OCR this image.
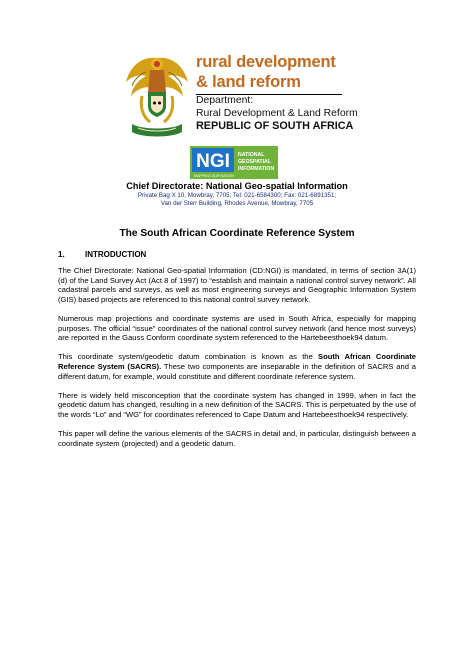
rural development
& land reform
Department:
Rural Development & Land Reform
REPUBLIC OF SOUTH AFRICA
NGI NATIONAL
GEOSPATIAL
INFORMATION
MAPPING OUR NATION
Chief Directorate: National Geo-spatial Information
Private Bag X 10, Mowbray, 7705; Tel: 021-6584300; Fax: 021-6891351;
Van der Sterr Building, Rhodes Avenue, Mowbray, 7705
The South African Coordinate Reference System
1.	INTRODUCTION

The Chief Directorate: National Geo-spatial Information (CD:NGI) is mandated, in terms of section 3A(1)(d) of the Land Survey Act (Act 8 of 1997) to “establish and maintain a national control survey network”. All cadastral parcels and surveys, as well as most engineering surveys and Geographic Information System (GIS) based projects are referenced to this national control survey network.

Numerous map projections and coordinate systems are used in South Africa, especially for mapping purposes. The official “issue” coordinates of the national control survey network (and hence most surveys) are reported in the Gauss Conform coordinate system referenced to the Hartebeesthoek94 datum.

This coordinate system/geodetic datum combination is known as the South African Coordinate Reference System (SACRS). These two components are inseparable in the definition of SACRS and a different datum, for example, would constitute and different coordinate reference system.

There is widely held misconception that the coordinate system has changed in 1999, when in fact the geodetic datum has changed, resulting in a new definition of the SACRS. This is perpetuated by the use of the words “Lo” and “WG” for coordinates referenced to Cape Datum and Hartebeesthoek94 respectively.

This paper will define the various elements of the SACRS in detail and, in particular, distinguish between a coordinate system (projected) and a geodetic datum.
